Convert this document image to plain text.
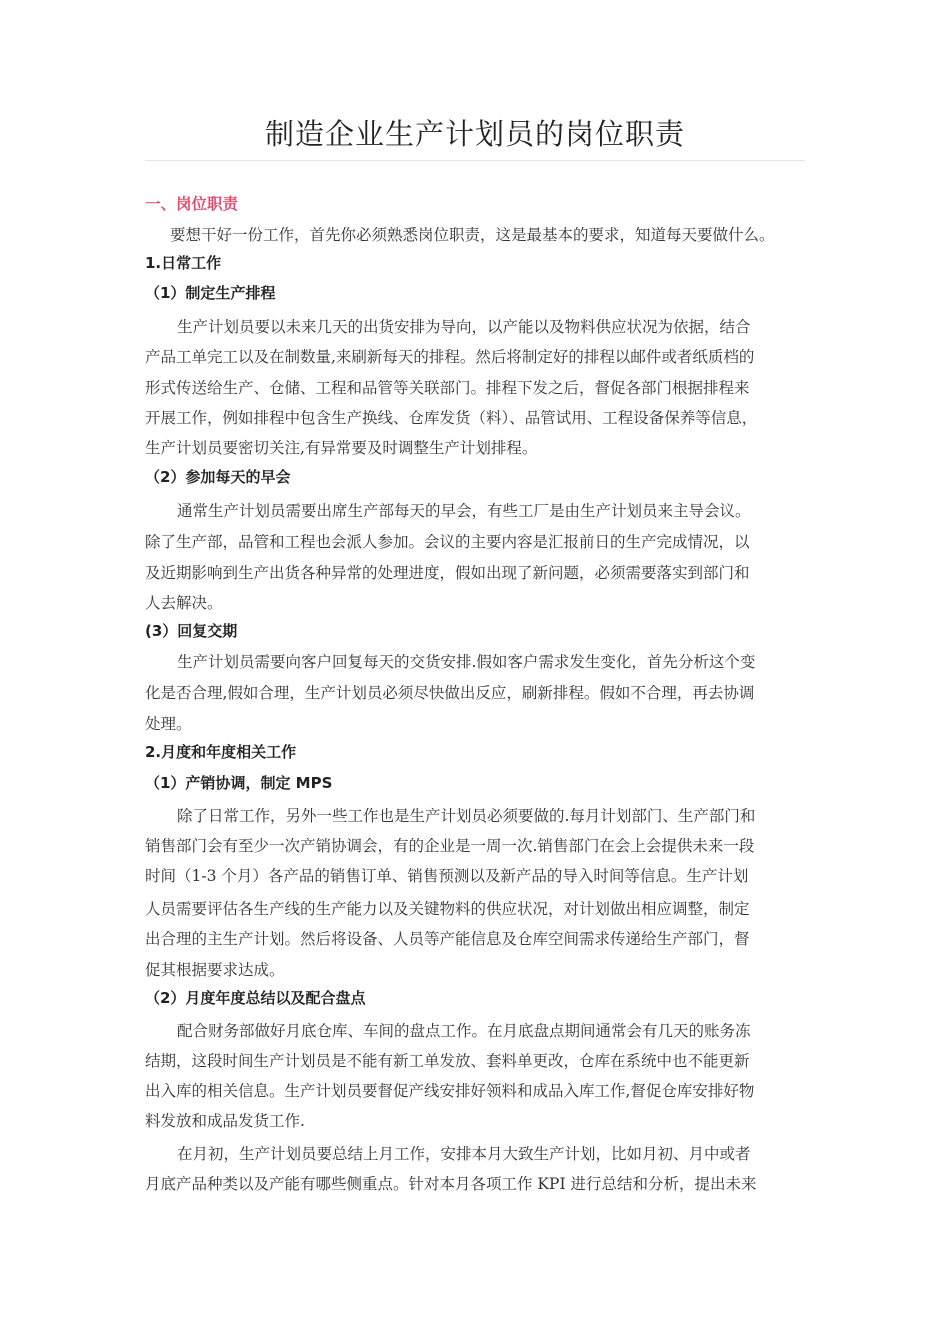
制造企业生产计划员的岗位职责
一、岗位职责
要想干好一份工作，首先你必须熟悉岗位职责，这是最基本的要求，知道每天要做什么。
1.日常工作
（1）制定生产排程
生产计划员要以未来几天的出货安排为导向，以产能以及物料供应状况为依据，结合
产品工单完工以及在制数量,来刷新每天的排程。然后将制定好的排程以邮件或者纸质档的
形式传送给生产、仓储、工程和品管等关联部门。排程下发之后，督促各部门根据排程来
开展工作，例如排程中包含生产换线、仓库发货（料）、品管试用、工程设备保养等信息，
生产计划员要密切关注,有异常要及时调整生产计划排程。
（2）参加每天的早会
通常生产计划员需要出席生产部每天的早会，有些工厂是由生产计划员来主导会议。
除了生产部，品管和工程也会派人参加。会议的主要内容是汇报前日的生产完成情况，以
及近期影响到生产出货各种异常的处理进度，假如出现了新问题，必须需要落实到部门和
人去解决。
(3）回复交期
生产计划员需要向客户回复每天的交货安排.假如客户需求发生变化，首先分析这个变
化是否合理,假如合理，生产计划员必须尽快做出反应，刷新排程。假如不合理，再去协调
处理。
2.月度和年度相关工作
（1）产销协调，制定 MPS
除了日常工作，另外一些工作也是生产计划员必须要做的.每月计划部门、生产部门和
销售部门会有至少一次产销协调会，有的企业是一周一次.销售部门在会上会提供未来一段
时间（1-3 个月）各产品的销售订单、销售预测以及新产品的导入时间等信息。生产计划
人员需要评估各生产线的生产能力以及关键物料的供应状况，对计划做出相应调整，制定
出合理的主生产计划。然后将设备、人员等产能信息及仓库空间需求传递给生产部门，督
促其根据要求达成。
（2）月度年度总结以及配合盘点
配合财务部做好月底仓库、车间的盘点工作。在月底盘点期间通常会有几天的账务冻
结期，这段时间生产计划员是不能有新工单发放、套料单更改，仓库在系统中也不能更新
出入库的相关信息。生产计划员要督促产线安排好领料和成品入库工作,督促仓库安排好物
料发放和成品发货工作.
在月初，生产计划员要总结上月工作，安排本月大致生产计划，比如月初、月中或者
月底产品种类以及产能有哪些侧重点。针对本月各项工作 KPI 进行总结和分析，提出未来
